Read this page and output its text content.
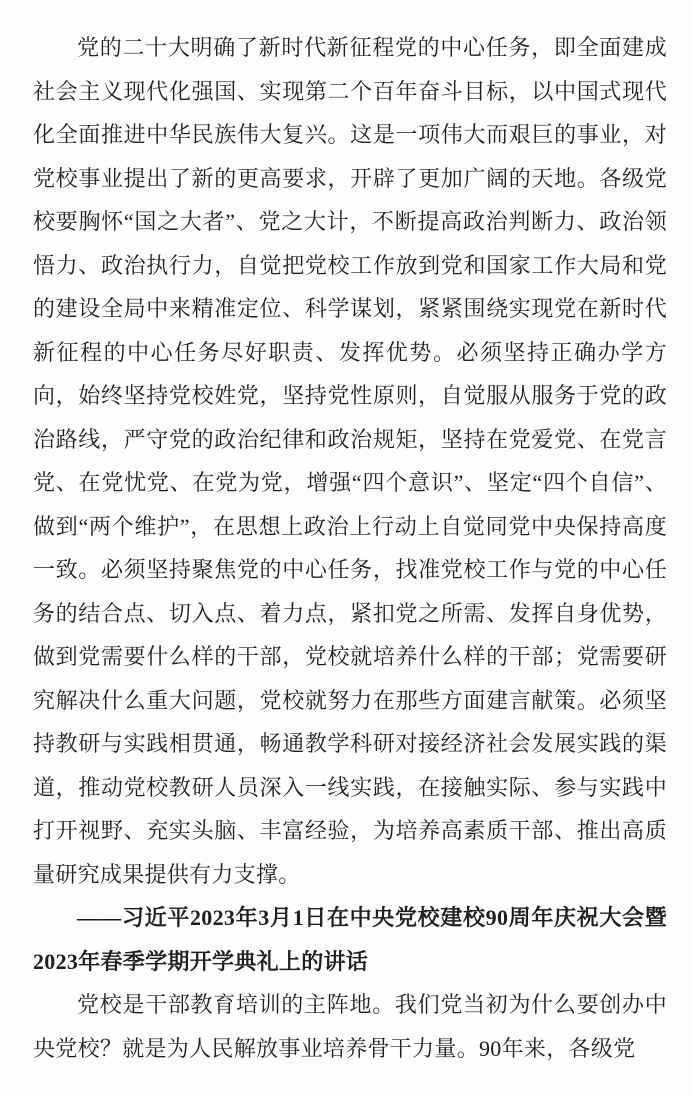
党的二十大明确了新时代新征程党的中心任务，即全面建成社会主义现代化强国、实现第二个百年奋斗目标，以中国式现代化全面推进中华民族伟大复兴。这是一项伟大而艰巨的事业，对党校事业提出了新的更高要求，开辟了更加广阔的天地。各级党校要胸怀“国之大者”、党之大计，不断提高政治判断力、政治领悟力、政治执行力，自觉把党校工作放到党和国家工作大局和党的建设全局中来精准定位、科学谋划，紧紧围绕实现党在新时代新征程的中心任务尽好职责、发挥优势。必须坚持正确办学方向，始终坚持党校姓党，坚持党性原则，自觉服从服务于党的政治路线，严守党的政治纪律和政治规矩，坚持在党爱党、在党言党、在党忧党、在党为党，增强“四个意识”、坚定“四个自信”、做到“两个维护”，在思想上政治上行动上自觉同党中央保持高度一致。必须坚持聚焦党的中心任务，找准党校工作与党的中心任务的结合点、切入点、着力点，紧扣党之所需、发挥自身优势，做到党需要什么样的干部，党校就培养什么样的干部；党需要研究解决什么重大问题，党校就努力在那些方面建言献策。必须坚持教研与实践相贯通，畅通教学科研对接经济社会发展实践的渠道，推动党校教研人员深入一线实践，在接触实际、参与实践中打开视野、充实头脑、丰富经验，为培养高素质干部、推出高质量研究成果提供有力支撑。

——习近平2023年3月1日在中央党校建校90周年庆祝大会暨2023年春季学期开学典礼上的讲话

党校是干部教育培训的主阵地。我们党当初为什么要创办中央党校？就是为人民解放事业培养骨干力量。90年来，各级党
